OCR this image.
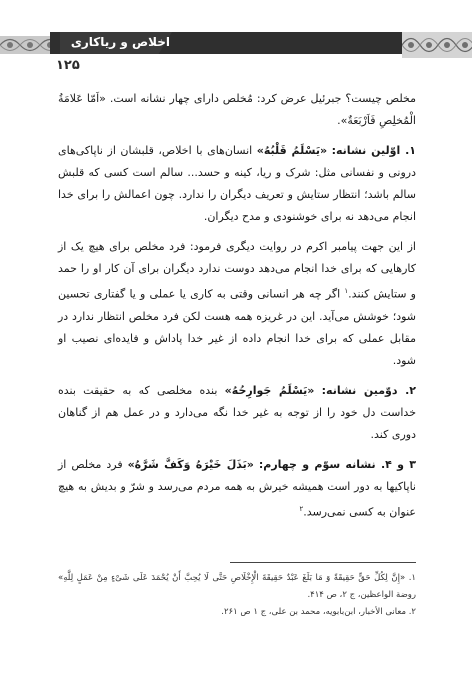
اخلاص و ریاکاری
۱۲۵

مخلص چیست؟ جبرئیل عرض کرد: مُخلص دارای چهار نشانه است. «اَمّا عَلامَةُ الْمُخلِصِ فَاَرْبَعَةٌ».

۱. اوّلین نشانه: «یَسْلَمُ قَلْبُهُ» انسان‌های با اخلاص، قلبشان از ناپاکی‌های درونی و نفسانی مثل: شرک و ریا، کینه و حسد... سالم است کسی که قلبش سالم باشد؛ انتظار ستایش و تعریف دیگران را ندارد. چون اعمالش را برای خدا انجام می‌دهد نه برای خوشنودی و مدح دیگران.

از این جهت پیامبر اکرم در روایت دیگری فرمود: فرد مخلص برای هیچ یک از کارهایی که برای خدا انجام می‌دهد دوست ندارد دیگران برای آن کار او را حمد و ستایش کنند.$^۱$ اگر چه هر انسانی وقتی به کاری یا عملی و یا گفتاری تحسین شود؛ خوشش می‌آید. این در غریزه همه هست لکن فرد مخلص انتظار ندارد در مقابل عملی که برای خدا انجام داده از غیر خدا پاداش و فایده‌ای نصیب او شود.

۲. دوّمین نشانه: «یَسْلَمُ جَوارِحُهُ» بنده مخلصی که به حقیقت بنده خداست دل خود را از توجه به غیر خدا نگه می‌دارد و در عمل هم از گناهان دوری کند.

۳ و ۴. نشانه سوّم و چهارم: «بَذَلَ خَیْرَهُ وَکَفَّ شَرَّهُ» فرد مخلص از ناپاکیها به دور است همیشه خیرش به همه مردم می‌رسد و شرّ و بدیش به هیچ عنوان به کسی نمی‌رسد.$^۲$

۱. «إِنَّ لِکُلِّ حَقٍّ حَقِیقَةً وَ مَا بَلَغَ عَبْدٌ حَقِیقَةَ الْإِخْلَاصِ حَتَّى لَا یُحِبَّ أَنْ یُحْمَدَ عَلَى شَیْ‏ءٍ مِنْ عَمَلٍ لِلَّهِ» روضة الواعظین، ج ۲، ص ۴۱۴.

۲. معانی الأخبار، ابن‌بابویه، محمد بن علی، ج ۱ ص ۲۶۱.
